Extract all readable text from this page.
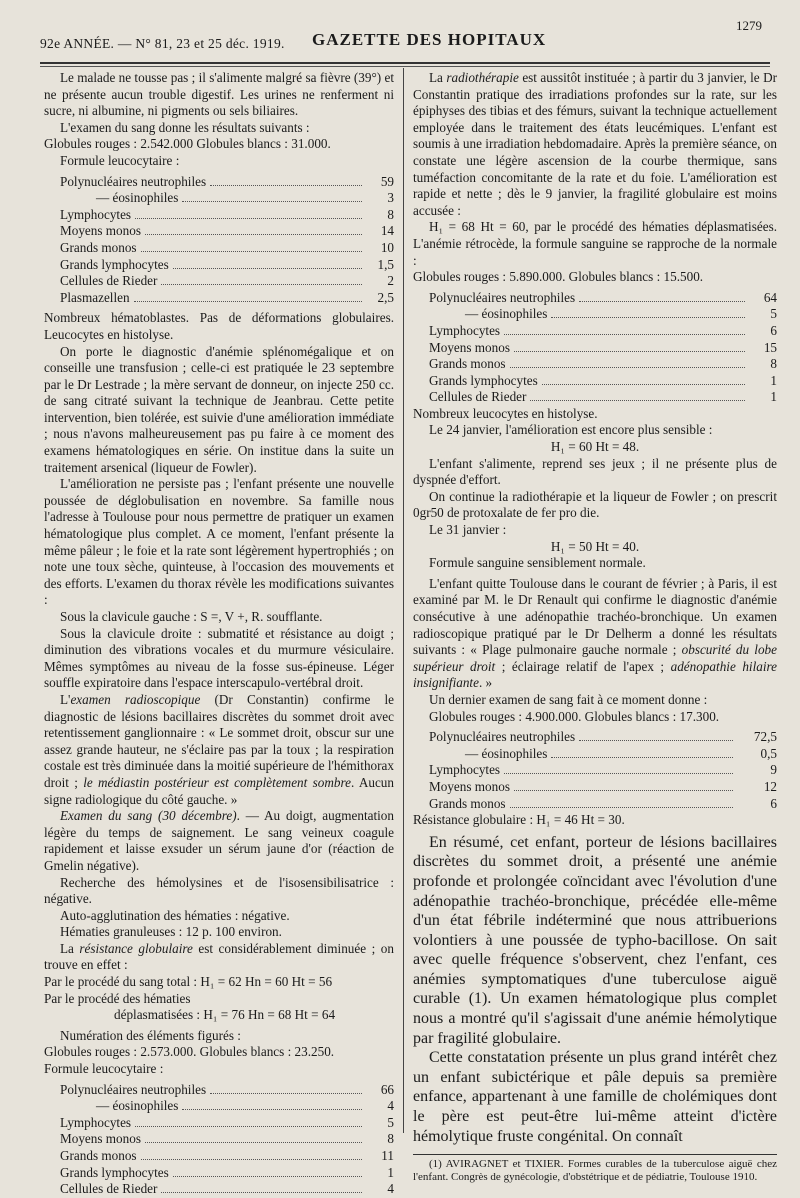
92e ANNÉE. — N° 81, 23 et 25 déc. 1919. GAZETTE DES HOPITAUX
1279

Le malade ne tousse pas ; il s'alimente malgré sa fièvre (39°) et ne présente aucun trouble digestif. Les urines ne renferment ni sucre, ni albumine, ni pigments ou sels biliaires.

L'examen du sang donne les résultats suivants :

Globules rouges : 2.542.000 Globules blancs : 31.000.

Formule leucocytaire :

Polynucléaires neutrophiles	59
— éosinophiles	3
Lymphocytes	8
Moyens monos	14
Grands monos	10
Grands lymphocytes	1,5
Cellules de Rieder	2
Plasmazellen	2,5

Nombreux hématoblastes. Pas de déformations globulaires. Leucocytes en histolyse.

On porte le diagnostic d'anémie splénomégalique et on conseille une transfusion ; celle-ci est pratiquée le 23 septembre par le Dr Lestrade ; la mère servant de donneur, on injecte 250 cc. de sang citraté suivant la technique de Jeanbrau. Cette petite intervention, bien tolérée, est suivie d'une amélioration immédiate ; nous n'avons malheureusement pas pu faire à ce moment des examens hématologiques en série. On institue dans la suite un traitement arsenical (liqueur de Fowler).

L'amélioration ne persiste pas ; l'enfant présente une nouvelle poussée de déglobulisation en novembre. Sa famille nous l'adresse à Toulouse pour nous permettre de pratiquer un examen hématologique plus complet. A ce moment, l'enfant présente la même pâleur ; le foie et la rate sont légèrement hypertrophiés ; on note une toux sèche, quinteuse, à l'occasion des mouvements et des efforts. L'examen du thorax révèle les modifications suivantes :

Sous la clavicule gauche : S =, V +, R. soufflante.

Sous la clavicule droite : submatité et résistance au doigt ; diminution des vibrations vocales et du murmure vésiculaire. Mêmes symptômes au niveau de la fosse sus-épineuse. Léger souffle expiratoire dans l'espace interscapulo-vertébral droit.

L'examen radioscopique (Dr Constantin) confirme le diagnostic de lésions bacillaires discrètes du sommet droit avec retentissement ganglionnaire : « Le sommet droit, obscur sur une assez grande hauteur, ne s'éclaire pas par la toux ; la respiration costale est très diminuée dans la moitié supérieure de l'hémithorax droit ; le médiastin postérieur est complètement sombre. Aucun signe radiologique du côté gauche. »

Examen du sang (30 décembre). — Au doigt, augmentation légère du temps de saignement. Le sang veineux coagule rapidement et laisse exsuder un sérum jaune d'or (réaction de Gmelin négative).

Recherche des hémolysines et de l'isosensibilisatrice : négative.

Auto-agglutination des hématies : négative.

Hématies granuleuses : 12 p. 100 environ.

La résistance globulaire est considérablement diminuée ; on trouve en effet :

Par le procédé du sang total : H₁ = 62 Hn = 60 Ht = 56

Par le procédé des hématies

déplasmatisées : H₁ = 76 Hn = 68 Ht = 64

Numération des éléments figurés :

Globules rouges : 2.573.000. Globules blancs : 23.250.

Formule leucocytaire :

Polynucléaires neutrophiles	66
— éosinophiles	4
Lymphocytes	5
Moyens monos	8
Grands monos	11
Grands lymphocytes	1
Cellules de Rieder	4

La radiothérapie est aussitôt instituée ; à partir du 3 janvier, le Dr Constantin pratique des irradiations profondes sur la rate, sur les épiphyses des tibias et des fémurs, suivant la technique actuellement employée dans le traitement des états leucémiques. L'enfant est soumis à une irradiation hebdomadaire. Après la première séance, on constate une légère ascension de la courbe thermique, sans tuméfaction concomitante de la rate et du foie. L'amélioration est rapide et nette ; dès le 9 janvier, la fragilité globulaire est moins accusée :

H₁ = 68 Ht = 60, par le procédé des hématies déplasmatisées. L'anémie rétrocède, la formule sanguine se rapproche de la normale :

Globules rouges : 5.890.000. Globules blancs : 15.500.

Polynucléaires neutrophiles	64
— éosinophiles	5
Lymphocytes	6
Moyens monos	15
Grands monos	8
Grands lymphocytes	1
Cellules de Rieder	1

Nombreux leucocytes en histolyse.

Le 24 janvier, l'amélioration est encore plus sensible :

H₁ = 60 Ht = 48.

L'enfant s'alimente, reprend ses jeux ; il ne présente plus de dyspnée d'effort.

On continue la radiothérapie et la liqueur de Fowler ; on prescrit 0gr50 de protoxalate de fer pro die.

Le 31 janvier :

H₁ = 50 Ht = 40.

Formule sanguine sensiblement normale.

L'enfant quitte Toulouse dans le courant de février ; à Paris, il est examiné par M. le Dr Renault qui confirme le diagnostic d'anémie consécutive à une adénopathie trachéo-bronchique. Un examen radioscopique pratiqué par le Dr Delherm a donné les résultats suivants : « Plage pulmonaire gauche normale ; obscurité du lobe supérieur droit ; éclairage relatif de l'apex ; adénopathie hilaire insignifiante. »

Un dernier examen de sang fait à ce moment donne :

Globules rouges : 4.900.000. Globules blancs : 17.300.

Polynucléaires neutrophiles	72,5
— éosinophiles	0,5
Lymphocytes	9
Moyens monos	12
Grands monos	6

Résistance globulaire : H₁ = 46 Ht = 30.

En résumé, cet enfant, porteur de lésions bacillaires discrètes du sommet droit, a présenté une anémie profonde et prolongée coïncidant avec l'évolution d'une adénopathie trachéo-bronchique, précédée elle-même d'un état fébrile indéterminé que nous attribuerions volontiers à une poussée de typho-bacillose. On sait avec quelle fréquence s'observent, chez l'enfant, ces anémies symptomatiques d'une tuberculose aiguë curable (1). Un examen hématologique plus complet nous a montré qu'il s'agissait d'une anémie hémolytique par fragilité globulaire.

Cette constatation présente un plus grand intérêt chez un enfant subictérique et pâle depuis sa première enfance, appartenant à une famille de cholémiques dont le père est peut-être lui-même atteint d'ictère hémolytique fruste congénital. On connaît

(1) AVIRAGNET et TIXIER. Formes curables de la tuberculose aiguë chez l'enfant. Congrès de gynécologie, d'obstétrique et de pédiatrie, Toulouse 1910.
